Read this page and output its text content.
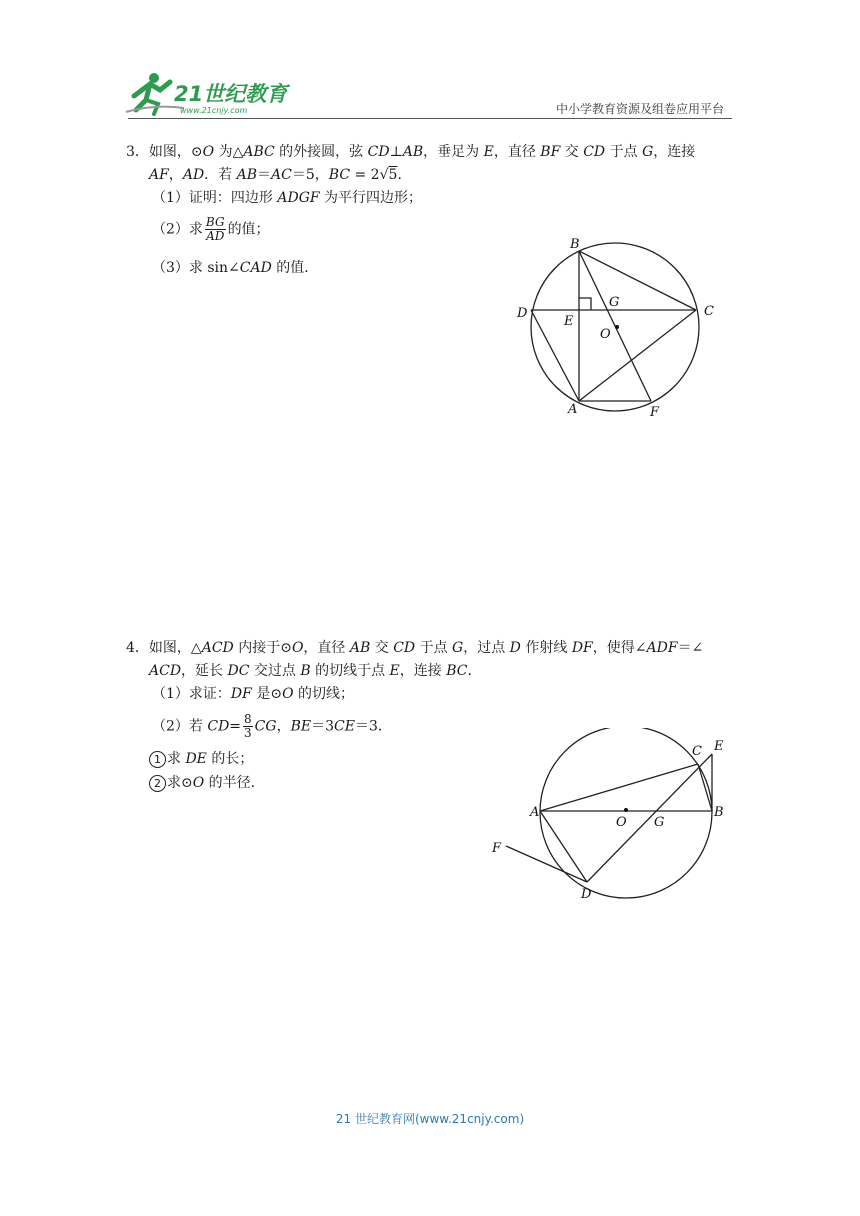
21世纪教育
www.21cnjy.com	中小学教育资源及组卷应用平台
3．如图，⊙O 为△ABC 的外接圆，弦 CD⊥AB，垂足为 E，直径 BF 交 CD 于点 G，连接
AF，AD．若 AB＝AC＝5，BC = 2√5．
（1）证明：四边形 ADGF 为平行四边形；
（2）求 $\frac{BG}{AD}$ 的值；
（3）求 sin∠CAD 的值．
B
C
D
E
G
O
A	F
4．如图，△ACD 内接于⊙O，直径 AB 交 CD 于点 G，过点 D 作射线 DF，使得∠ADF＝∠
ACD，延长 DC 交过点 B 的切线于点 E，连接 BC．
（1）求证：DF 是⊙O 的切线；
（2）若 $CD= \frac{8}{3}$ CG，BE＝3CE＝3．
1 求 DE 的长；
2 求⊙O 的半径．
C E
A
O G
B
F
D
21 世纪教育网(www.21cnjy.com)
